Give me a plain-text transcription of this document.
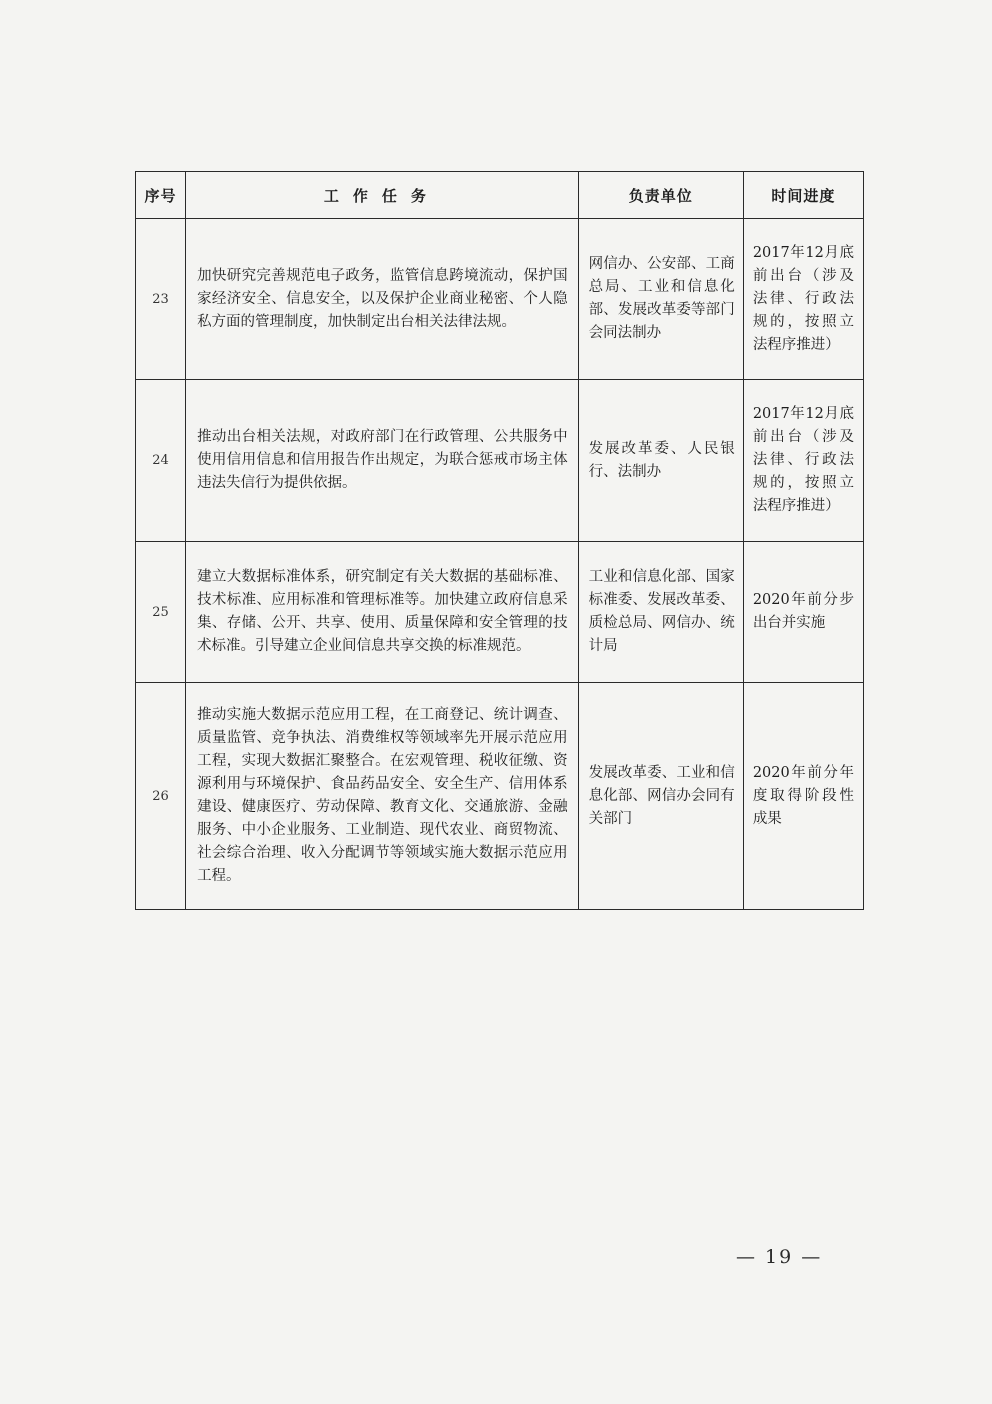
序号	工作任务	负责单位	时间进度
23	加快研究完善规范电子政务，监管信息跨境流动，保护国家经济安全、信息安全，以及保护企业商业秘密、个人隐私方面的管理制度，加快制定出台相关法律法规。	网信办、公安部、工商总局、工业和信息化部、发展改革委等部门会同法制办	2017年12月底前出台（涉及法律、行政法规的，按照立法程序推进）

24	推动出台相关法规，对政府部门在行政管理、公共服务中使用信用信息和信用报告作出规定，为联合惩戒市场主体违法失信行为提供依据。	发展改革委、人民银行、法制办	2017年12月底前出台（涉及法律、行政法规的，按照立法程序推进）

25	建立大数据标准体系，研究制定有关大数据的基础标准、技术标准、应用标准和管理标准等。加快建立政府信息采集、存储、公开、共享、使用、质量保障和安全管理的技术标准。引导建立企业间信息共享交换的标准规范。	工业和信息化部、国家标准委、发展改革委、质检总局、网信办、统计局	2020年前分步出台并实施

26	推动实施大数据示范应用工程，在工商登记、统计调查、质量监管、竞争执法、消费维权等领域率先开展示范应用工程，实现大数据汇聚整合。在宏观管理、税收征缴、资源利用与环境保护、食品药品安全、安全生产、信用体系建设、健康医疗、劳动保障、教育文化、交通旅游、金融服务、中小企业服务、工业制造、现代农业、商贸物流、社会综合治理、收入分配调节等领域实施大数据示范应用工程。	发展改革委、工业和信息化部、网信办会同有关部门	2020年前分年度取得阶段性成果
— 19 —
